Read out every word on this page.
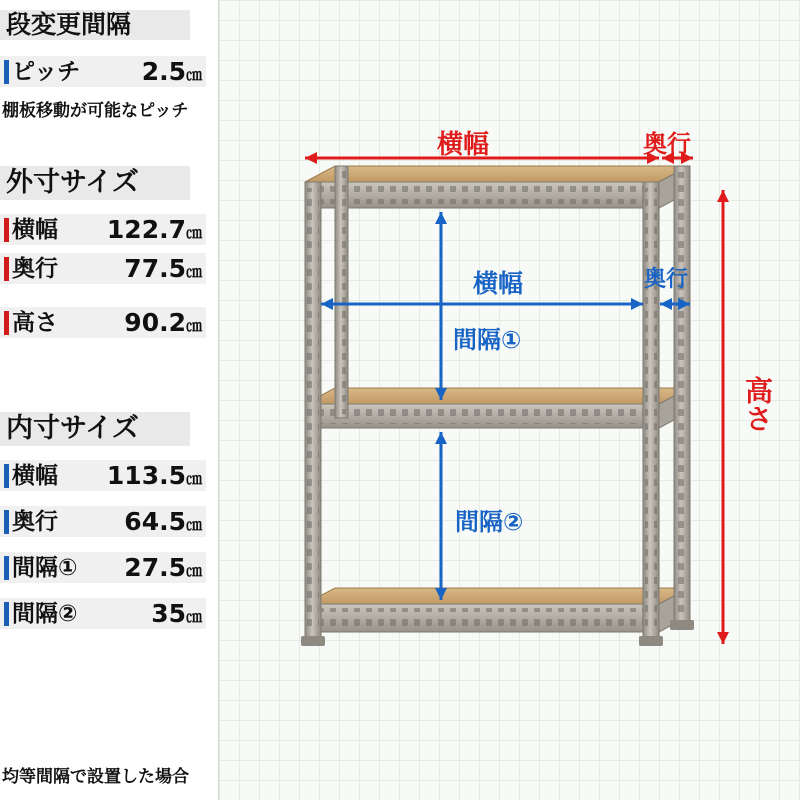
段変更間隔
ピッチ 2.5㎝
棚板移動が可能なピッチ
外寸サイズ
横幅 122.7㎝
奥行	77.5㎝
高さ	90.2㎝
内寸サイズ
横幅 113.5㎝
奥行	64.5㎝
間隔① 27.5㎝
間隔②	35㎝
均等間隔で設置した場合
横幅	奥行
高さ
横幅	奥行
間隔①
間隔②
